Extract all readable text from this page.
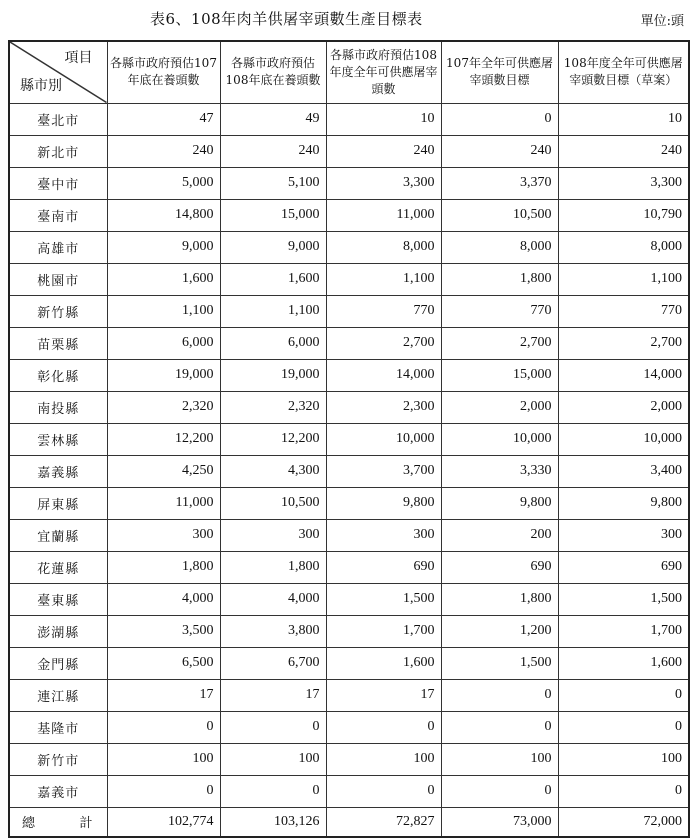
表6、108年肉羊供屠宰頭數生產目標表	單位:頭
項目
縣市別	各縣市政府預估107年底在養頭數	各縣市政府預估108年底在養頭數	各縣市政府預估108年度全年可供應屠宰頭數	107年全年可供應屠宰頭數目標	108年度全年可供應屠宰頭數目標（草案）
臺北市	47	49	10	0	10
新北市	240	240	240	240	240
臺中市	5,000	5,100	3,300	3,370	3,300
臺南市	14,800	15,000	11,000	10,500	10,790
高雄市	9,000	9,000	8,000	8,000	8,000
桃園市	1,600	1,600	1,100	1,800	1,100
新竹縣	1,100	1,100	770	770	770
苗栗縣	6,000	6,000	2,700	2,700	2,700
彰化縣	19,000	19,000	14,000	15,000	14,000
南投縣	2,320	2,320	2,300	2,000	2,000
雲林縣	12,200	12,200	10,000	10,000	10,000
嘉義縣	4,250	4,300	3,700	3,330	3,400
屏東縣	11,000	10,500	9,800	9,800	9,800
宜蘭縣	300	300	300	200	300
花蓮縣	1,800	1,800	690	690	690
臺東縣	4,000	4,000	1,500	1,800	1,500
澎湖縣	3,500	3,800	1,700	1,200	1,700
金門縣	6,500	6,700	1,600	1,500	1,600
連江縣	17	17	17	0	0
基隆市	0	0	0	0	0
新竹市	100	100	100	100	100
嘉義市	0	0	0	0	0
總計	102,774	103,126	72,827	73,000	72,000
